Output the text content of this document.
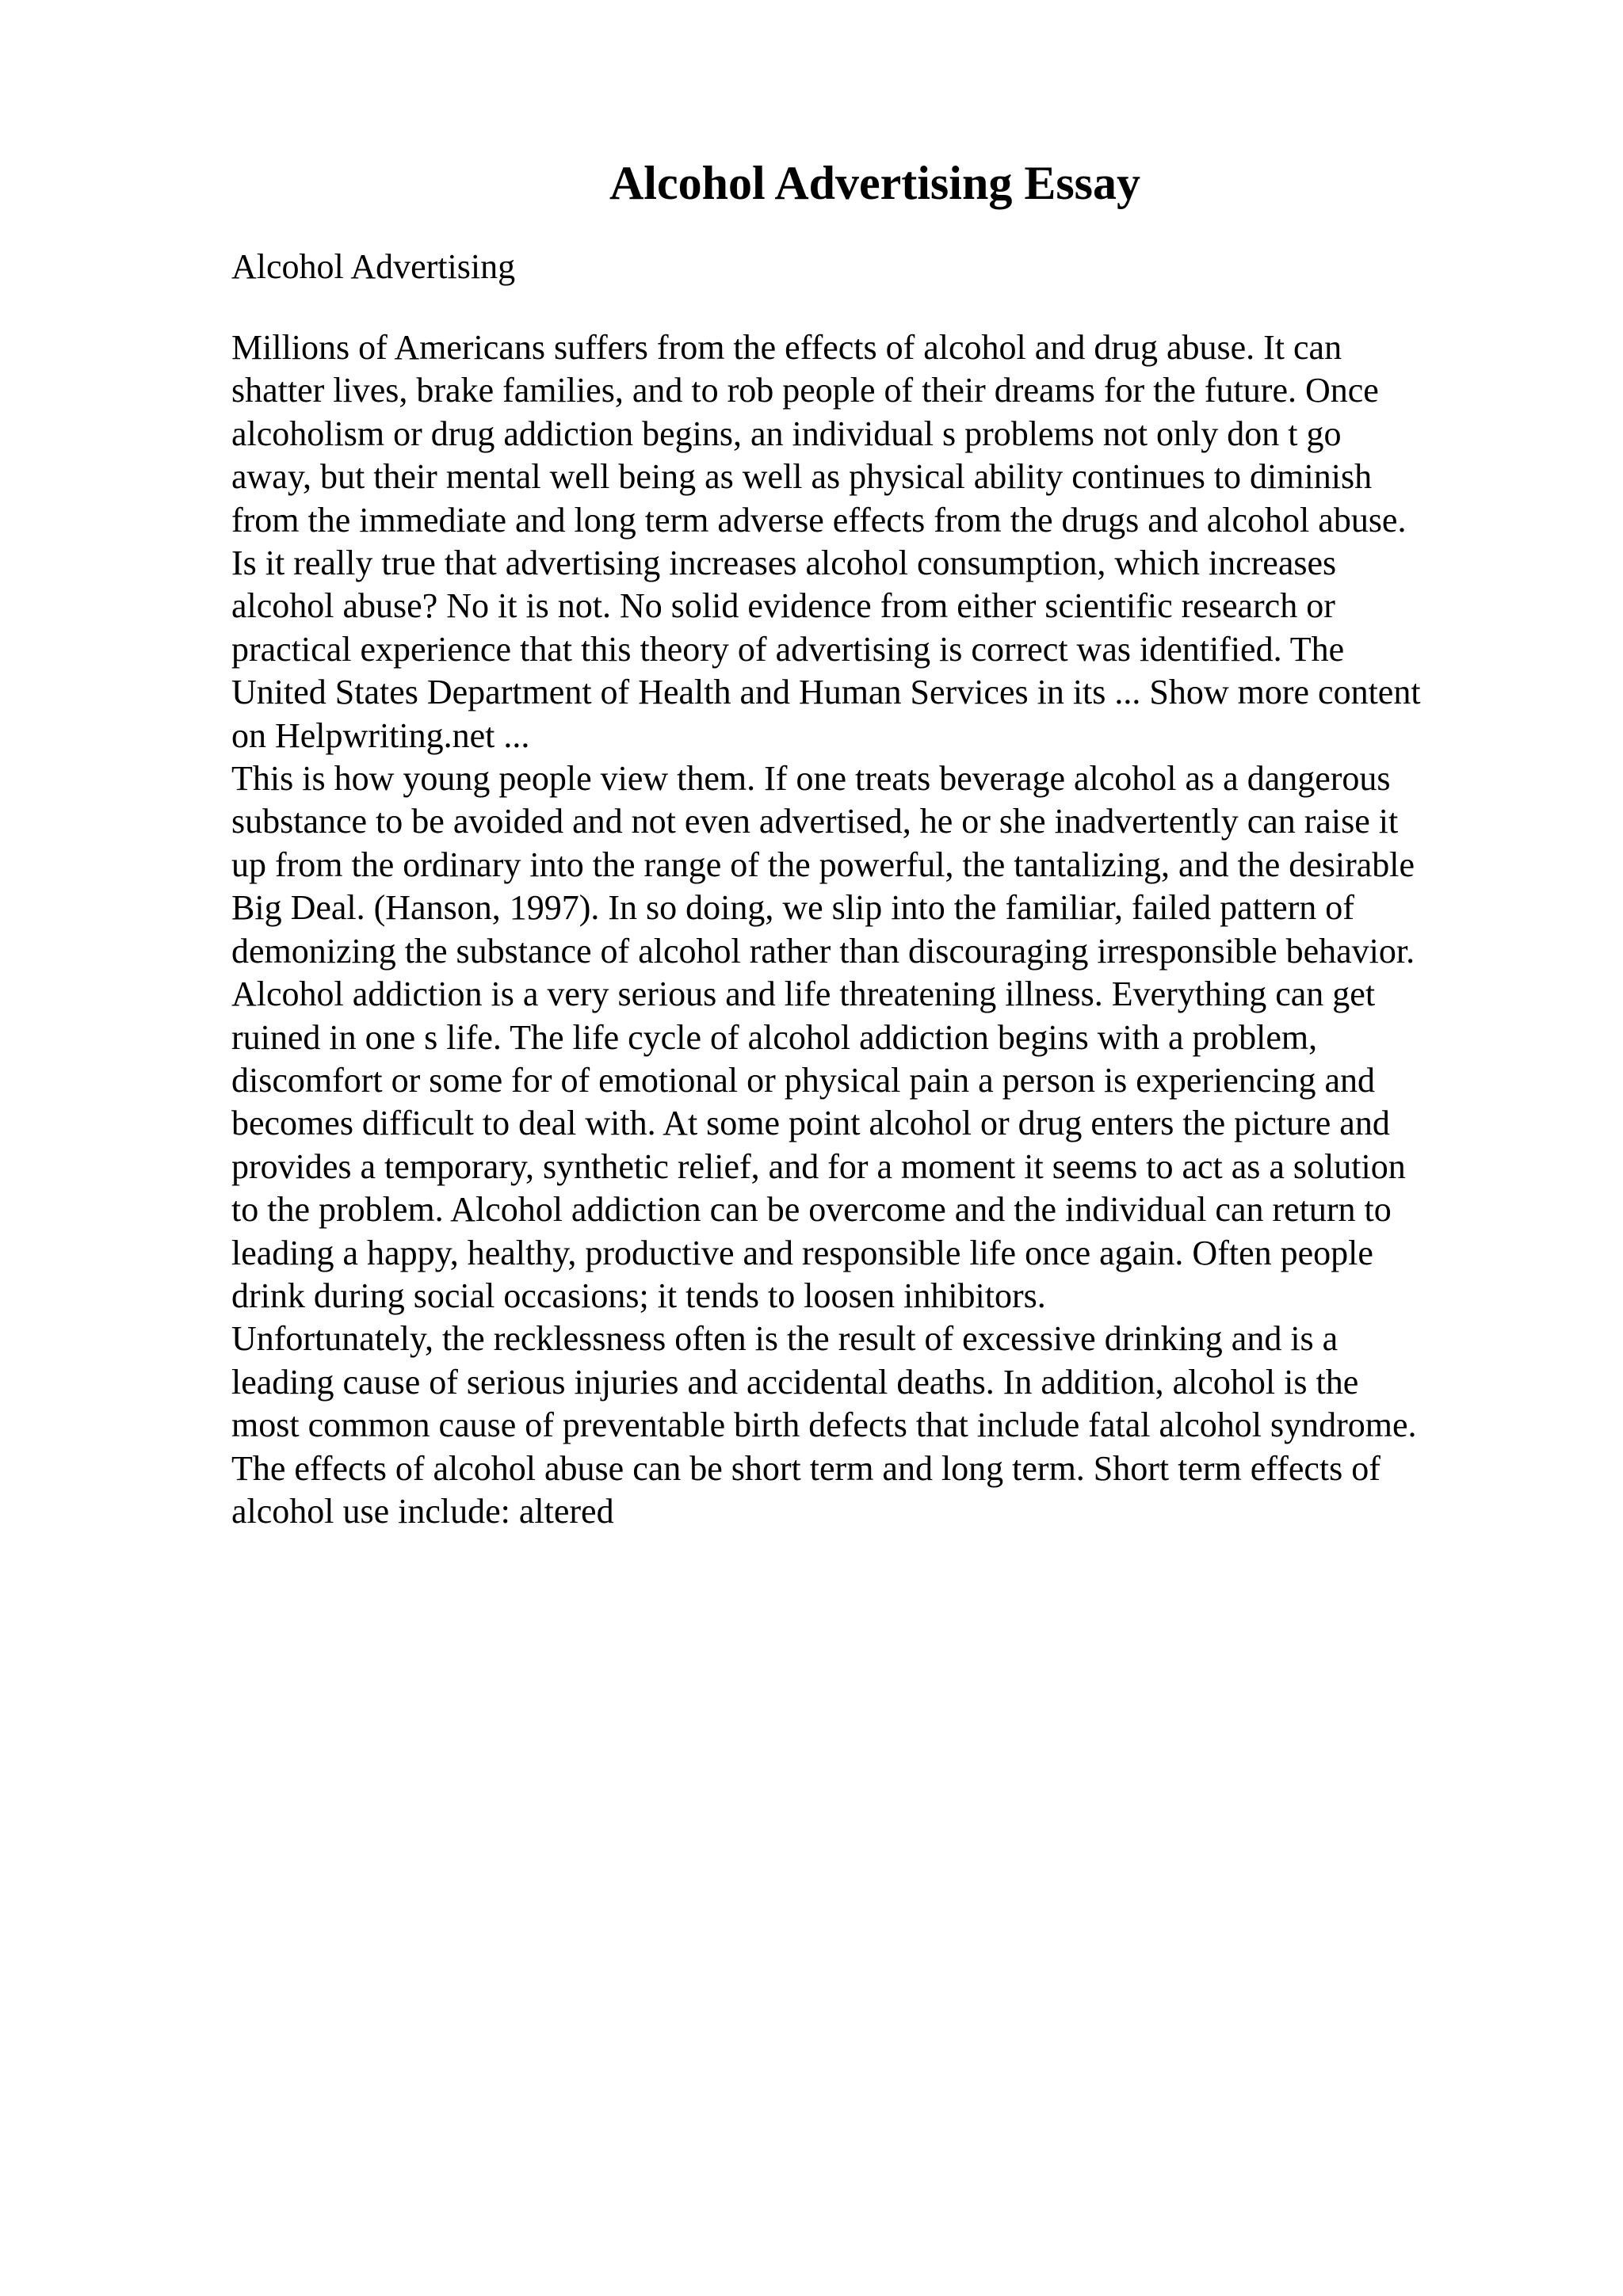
Alcohol Advertising Essay

Alcohol Advertising

Millions of Americans suffers from the effects of alcohol and drug abuse. It can
shatter lives, brake families, and to rob people of their dreams for the future. Once
alcoholism or drug addiction begins, an individual s problems not only don t go
away, but their mental well being as well as physical ability continues to diminish
from the immediate and long term adverse effects from the drugs and alcohol abuse.
Is it really true that advertising increases alcohol consumption, which increases
alcohol abuse? No it is not. No solid evidence from either scientific research or
practical experience that this theory of advertising is correct was identified. The
United States Department of Health and Human Services in its ... Show more content
on Helpwriting.net ...
This is how young people view them. If one treats beverage alcohol as a dangerous
substance to be avoided and not even advertised, he or she inadvertently can raise it
up from the ordinary into the range of the powerful, the tantalizing, and the desirable
Big Deal. (Hanson, 1997). In so doing, we slip into the familiar, failed pattern of
demonizing the substance of alcohol rather than discouraging irresponsible behavior.
Alcohol addiction is a very serious and life threatening illness. Everything can get
ruined in one s life. The life cycle of alcohol addiction begins with a problem,
discomfort or some for of emotional or physical pain a person is experiencing and
becomes difficult to deal with. At some point alcohol or drug enters the picture and
provides a temporary, synthetic relief, and for a moment it seems to act as a solution
to the problem. Alcohol addiction can be overcome and the individual can return to
leading a happy, healthy, productive and responsible life once again. Often people
drink during social occasions; it tends to loosen inhibitors.
Unfortunately, the recklessness often is the result of excessive drinking and is a
leading cause of serious injuries and accidental deaths. In addition, alcohol is the
most common cause of preventable birth defects that include fatal alcohol syndrome.
The effects of alcohol abuse can be short term and long term. Short term effects of
alcohol use include: altered
